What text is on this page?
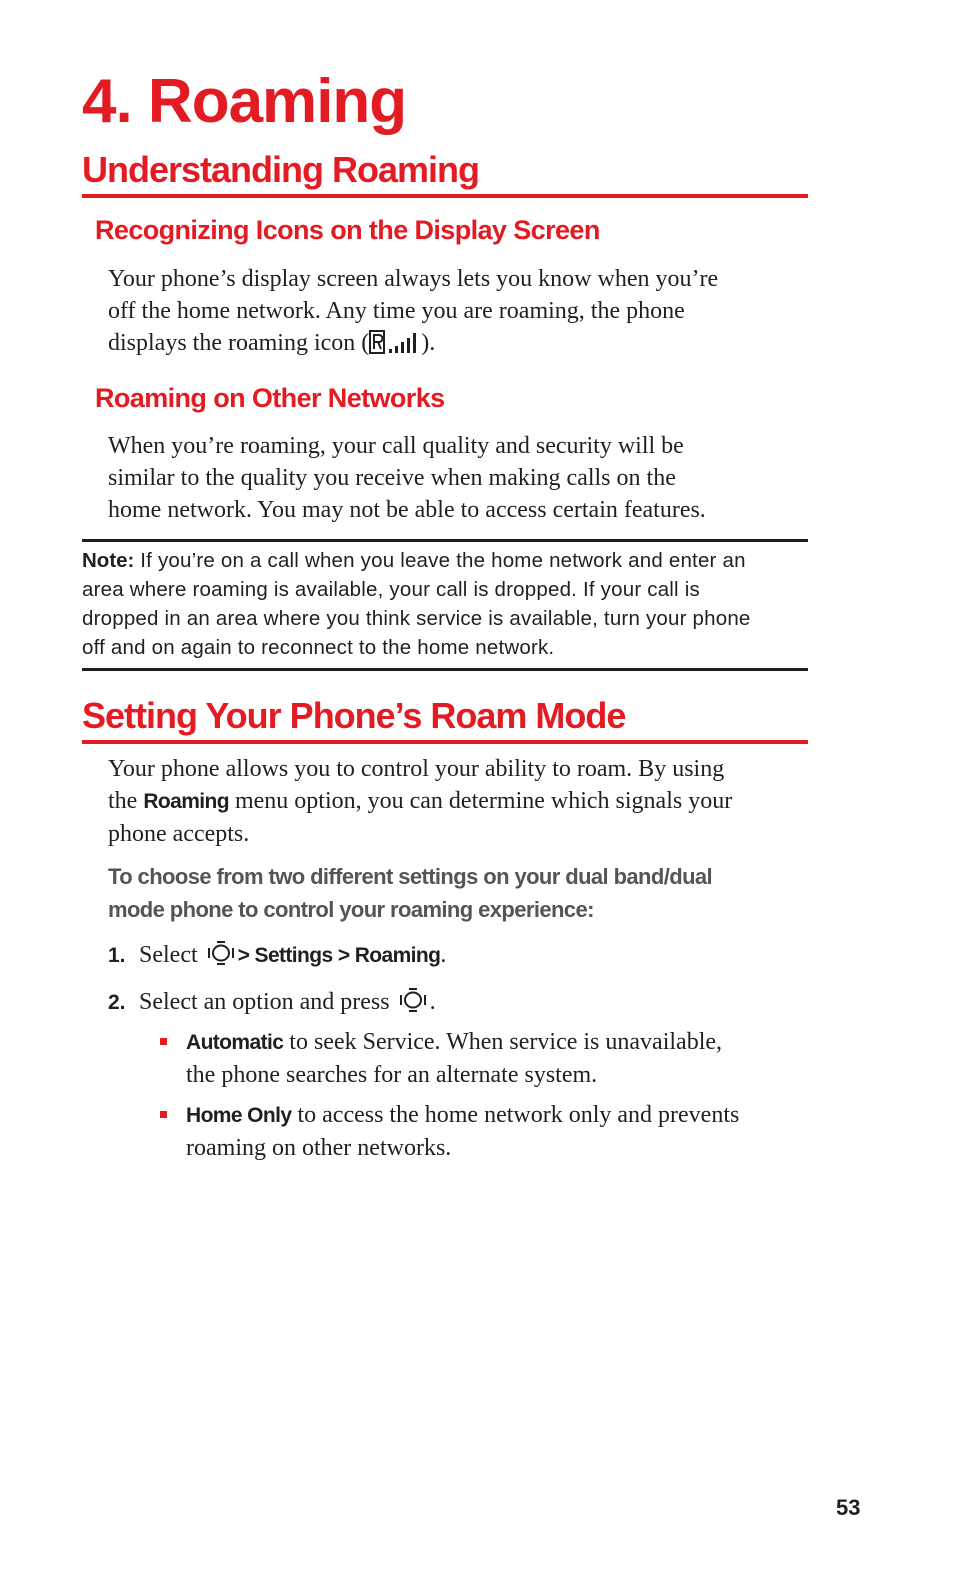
4. Roaming
Understanding Roaming
Recognizing Icons on the Display Screen

Your phone’s display screen always lets you know when you’re
off the home network. Any time you are roaming, the phone
displays the roaming icon ( ).

Roaming on Other Networks

When you’re roaming, your call quality and security will be
similar to the quality you receive when making calls on the
home network. You may not be able to access certain features.

Note: If you’re on a call when you leave the home network and enter an
area where roaming is available, your call is dropped. If your call is
dropped in an area where you think service is available, turn your phone
off and on again to reconnect to the home network.

Setting Your Phone’s Roam Mode

Your phone allows you to control your ability to roam. By using
the Roaming menu option, you can determine which signals your
phone accepts.

To choose from two different settings on your dual band/dual
mode phone to control your roaming experience:

1. Select > Settings > Roaming.

2. Select an option and press .

Automatic to seek Service. When service is unavailable,
the phone searches for an alternate system.

Home Only to access the home network only and prevents
roaming on other networks.

53
